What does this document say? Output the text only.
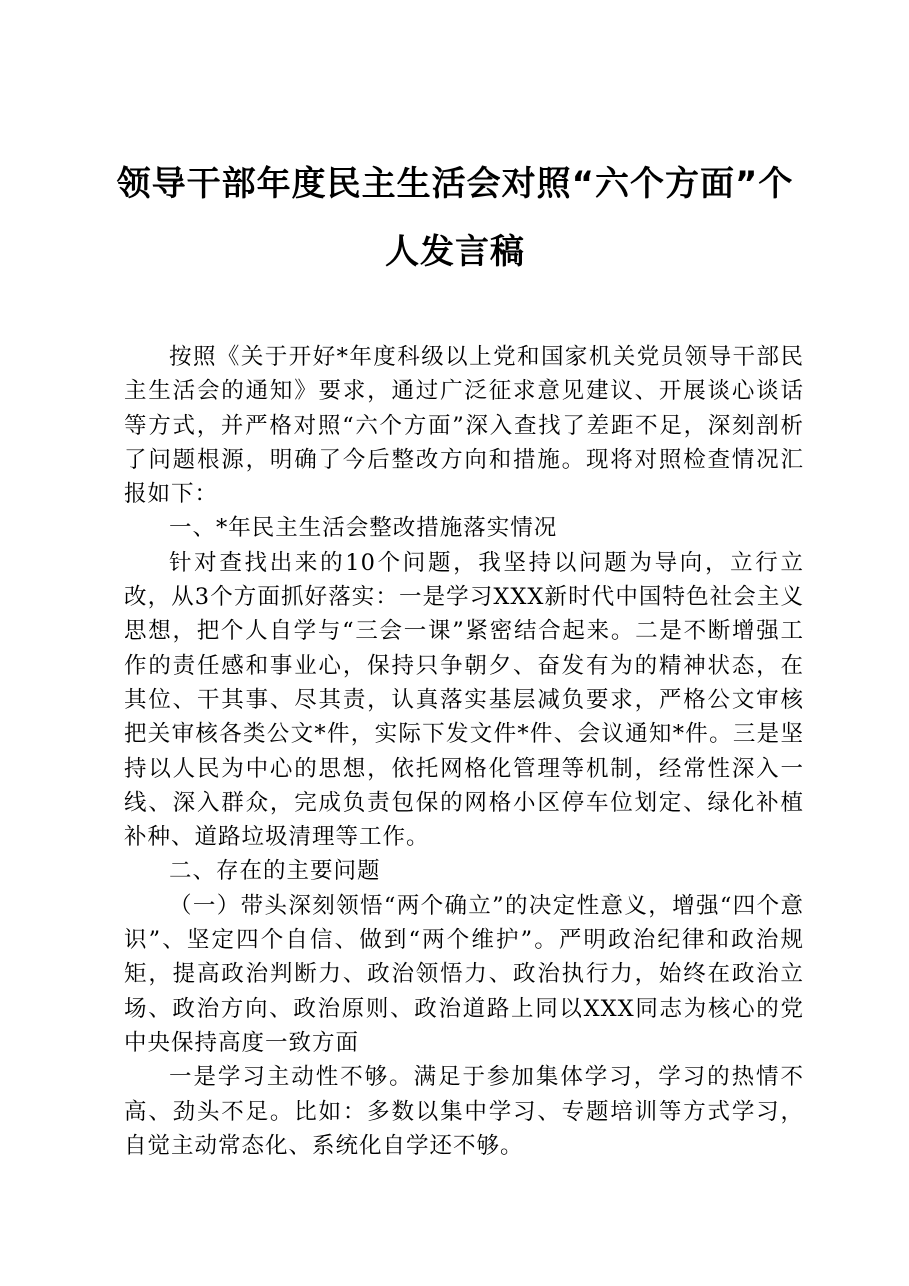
领导干部年度民主生活会对照“六个方面”个
人发言稿

按照《关于开好*年度科级以上党和国家机关党员领导干部民主生活会的通知》要求，通过广泛征求意见建议、开展谈心谈话等方式，并严格对照“六个方面”深入查找了差距不足，深刻剖析了问题根源，明确了今后整改方向和措施。现将对照检查情况汇报如下：

一、*年民主生活会整改措施落实情况

针对查找出来的10个问题，我坚持以问题为导向，立行立改，从3个方面抓好落实：一是学习XXX新时代中国特色社会主义思想，把个人自学与“三会一课”紧密结合起来。二是不断增强工作的责任感和事业心，保持只争朝夕、奋发有为的精神状态，在其位、干其事、尽其责，认真落实基层减负要求，严格公文审核把关审核各类公文*件，实际下发文件*件、会议通知*件。三是坚持以人民为中心的思想，依托网格化管理等机制，经常性深入一线、深入群众，完成负责包保的网格小区停车位划定、绿化补植补种、道路垃圾清理等工作。

二、存在的主要问题

（一）带头深刻领悟“两个确立”的决定性意义，增强“四个意识”、坚定四个自信、做到“两个维护”。严明政治纪律和政治规矩，提高政治判断力、政治领悟力、政治执行力，始终在政治立场、政治方向、政治原则、政治道路上同以XXX同志为核心的党中央保持高度一致方面

一是学习主动性不够。满足于参加集体学习，学习的热情不高、劲头不足。比如：多数以集中学习、专题培训等方式学习，自觉主动常态化、系统化自学还不够。
